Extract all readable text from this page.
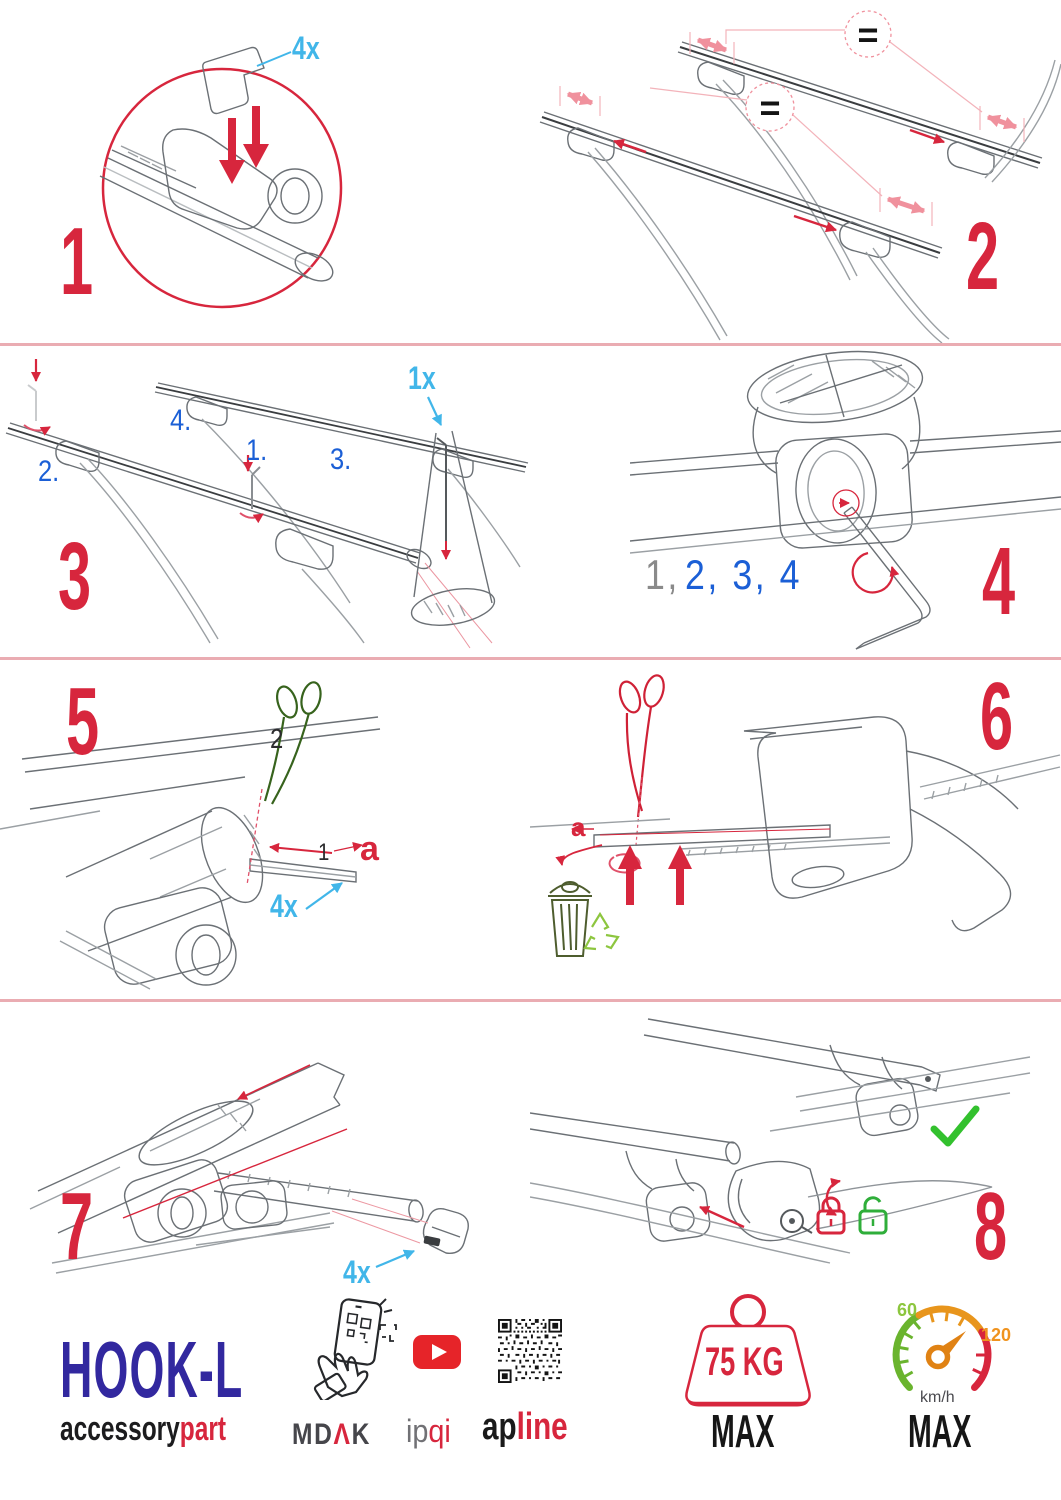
4x
1
=
=
2
1.
2.	3.
4.
1x
3	1, 2, 3, 4 4
2
1 a
4x
5
a
6
4x
7	8
HOOK-L
accessorypart MDΛK ipqi apline
75 KG
MAX
60
120
km/h
MAX
